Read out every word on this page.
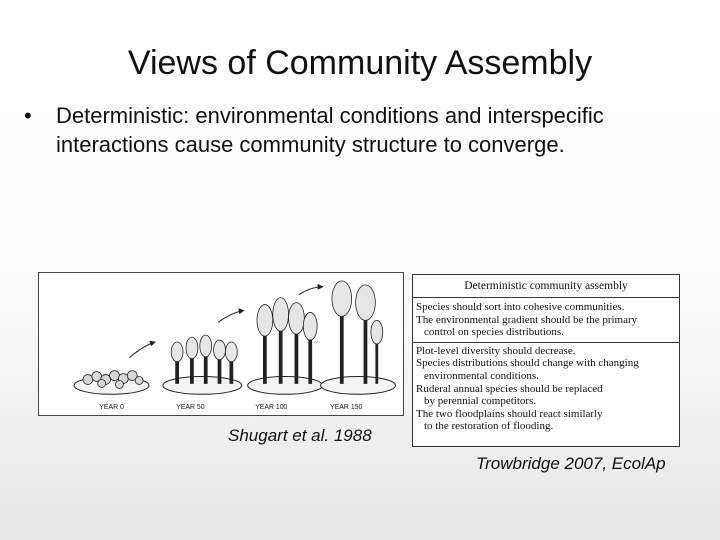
Views of Community Assembly
•	Deterministic: environmental conditions and interspecific interactions cause community structure to converge.
YEAR 0	YEAR 50	YEAR 100	YEAR 150
Shugart et al. 1988
Deterministic community assembly
Species should sort into cohesive communities.
The environmental gradient should be the primary
control on species distributions.
Plot-level diversity should decrease.
Species distributions should change with changing
environmental conditions.
Ruderal annual species should be replaced
by perennial competitors.
The two floodplains should react similarly
to the restoration of flooding.
Trowbridge 2007, EcolAp
